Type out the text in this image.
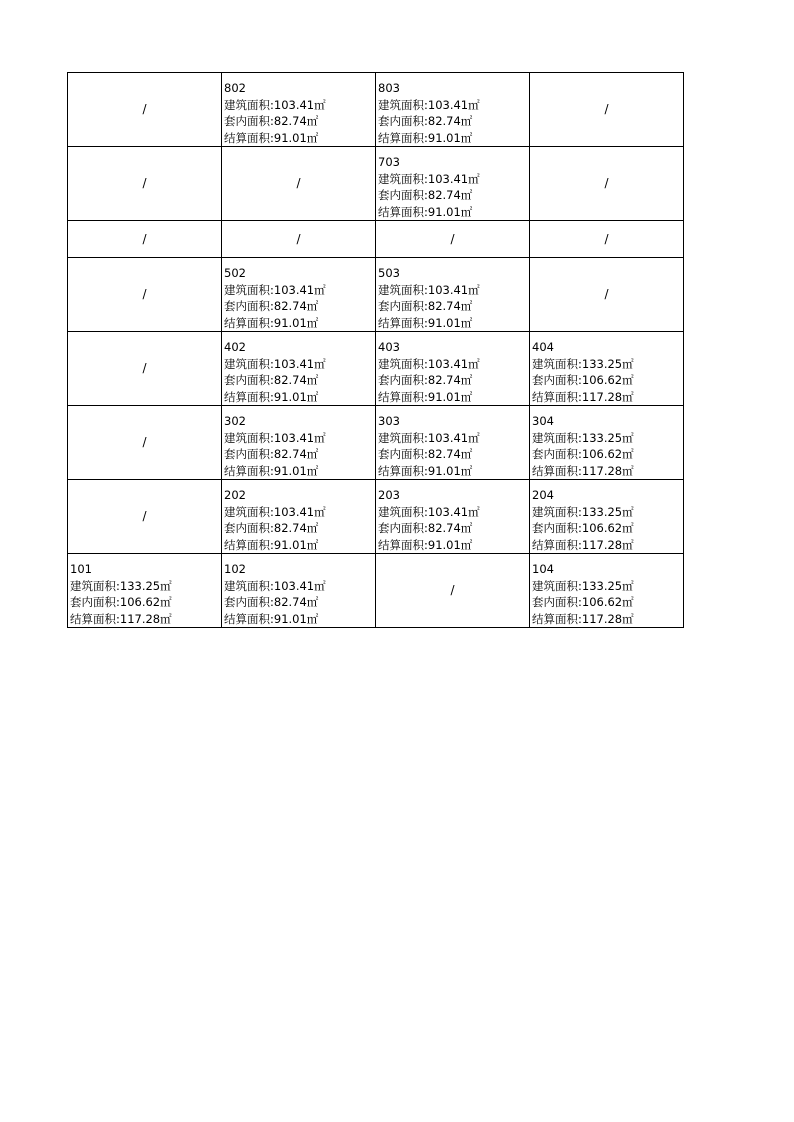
/	802
建筑面积:103.41㎡
套内面积:82.74㎡
结算面积:91.01㎡	803
建筑面积:103.41㎡
套内面积:82.74㎡
结算面积:91.01㎡	/
/	/	703
建筑面积:103.41㎡
套内面积:82.74㎡
结算面积:91.01㎡	/
/	/	/	/
/	502
建筑面积:103.41㎡
套内面积:82.74㎡
结算面积:91.01㎡	503
建筑面积:103.41㎡
套内面积:82.74㎡
结算面积:91.01㎡	/
/	402
建筑面积:103.41㎡
套内面积:82.74㎡
结算面积:91.01㎡	403
建筑面积:103.41㎡
套内面积:82.74㎡
结算面积:91.01㎡	404
建筑面积:133.25㎡
套内面积:106.62㎡
结算面积:117.28㎡

/	302
建筑面积:103.41㎡
套内面积:82.74㎡
结算面积:91.01㎡	303
建筑面积:103.41㎡
套内面积:82.74㎡
结算面积:91.01㎡	304
建筑面积:133.25㎡
套内面积:106.62㎡
结算面积:117.28㎡

/	202
建筑面积:103.41㎡
套内面积:82.74㎡
结算面积:91.01㎡	203
建筑面积:103.41㎡
套内面积:82.74㎡
结算面积:91.01㎡	204
建筑面积:133.25㎡
套内面积:106.62㎡
结算面积:117.28㎡

101
建筑面积:133.25㎡
套内面积:106.62㎡
结算面积:117.28㎡	102
建筑面积:103.41㎡
套内面积:82.74㎡
结算面积:91.01㎡	/	104
建筑面积:133.25㎡
套内面积:106.62㎡
结算面积:117.28㎡
